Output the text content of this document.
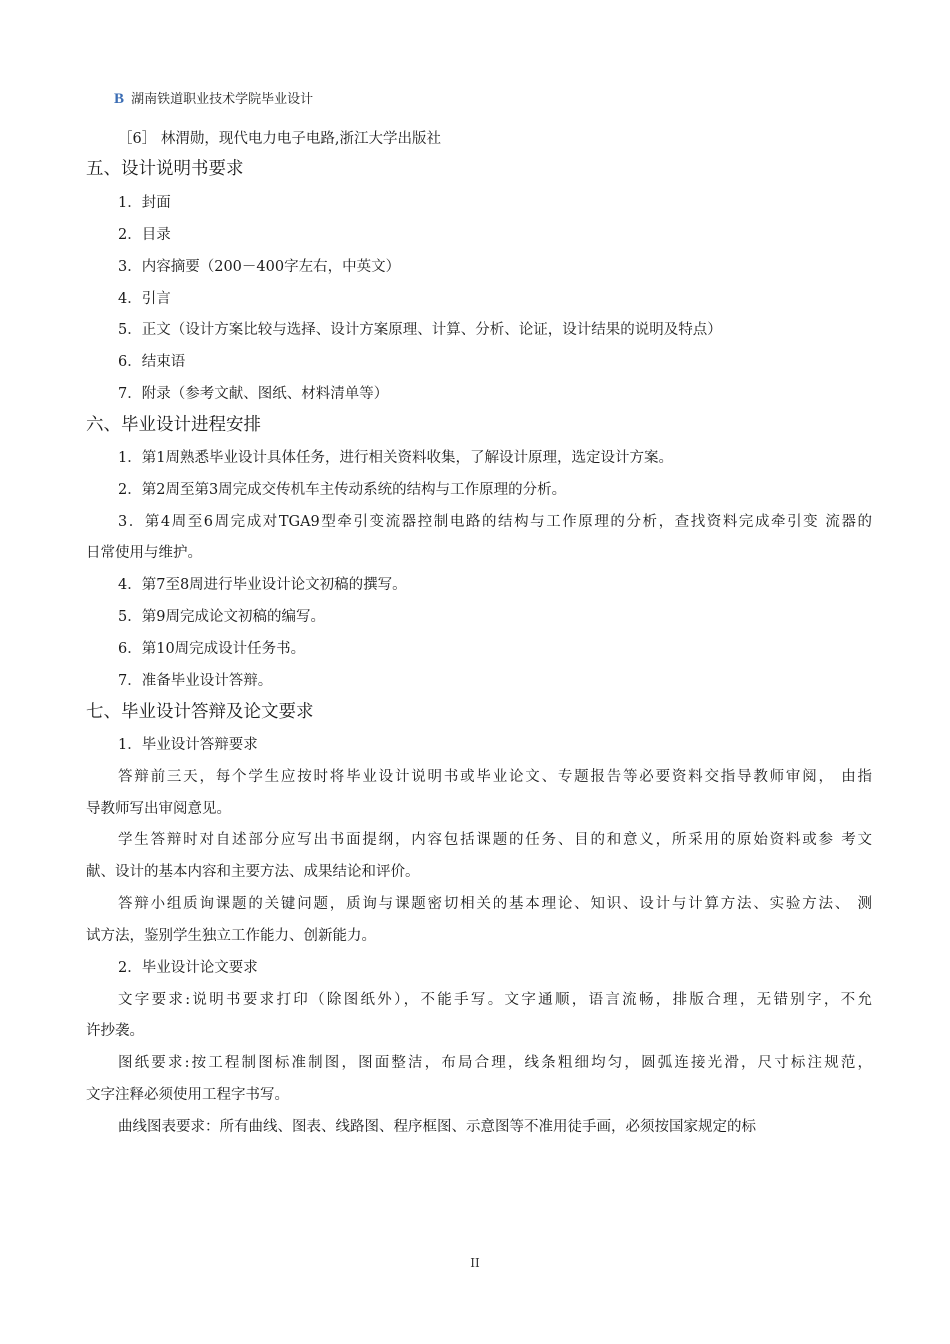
B 湖南铁道职业技术学院毕业设计
［6］ 林渭勋，现代电力电子电路,浙江大学出版社
五、设计说明书要求
1．封面
2．目录
3．内容摘要（200－400字左右，中英文）
4．引言
5．正文（设计方案比较与选择、设计方案原理、计算、分析、论证，设计结果的说明及特点）
6．结束语
7．附录（参考文献、图纸、材料清单等）
六、毕业设计进程安排
1．第1周熟悉毕业设计具体任务，进行相关资料收集，了解设计原理，选定设计方案。
2．第2周至第3周完成交传机车主传动系统的结构与工作原理的分析。
3．第4周至6周完成对TGA9型牵引变流器控制电路的结构与工作原理的分析，查找资料完成牵引变 流器的
日常使用与维护。
4．第7至8周进行毕业设计论文初稿的撰写。
5．第9周完成论文初稿的编写。
6．第10周完成设计任务书。
7．准备毕业设计答辩。
七、毕业设计答辩及论文要求
1．毕业设计答辩要求
答辩前三天，每个学生应按时将毕业设计说明书或毕业论文、专题报告等必要资料交指导教师审阅， 由指
导教师写出审阅意见。
学生答辩时对自述部分应写出书面提纲，内容包括课题的任务、目的和意义，所采用的原始资料或参 考文
献、设计的基本内容和主要方法、成果结论和评价。
答辩小组质询课题的关键问题，质询与课题密切相关的基本理论、知识、设计与计算方法、实验方法、 测
试方法，鉴别学生独立工作能力、创新能力。
2．毕业设计论文要求
文字要求:说明书要求打印（除图纸外），不能手写。文字通顺，语言流畅，排版合理，无错别字，不允
许抄袭。
图纸要求:按工程制图标准制图，图面整洁，布局合理，线条粗细均匀，圆弧连接光滑，尺寸标注规范，
文字注释必须使用工程字书写。
曲线图表要求：所有曲线、图表、线路图、程序框图、示意图等不准用徒手画，必须按国家规定的标
II
